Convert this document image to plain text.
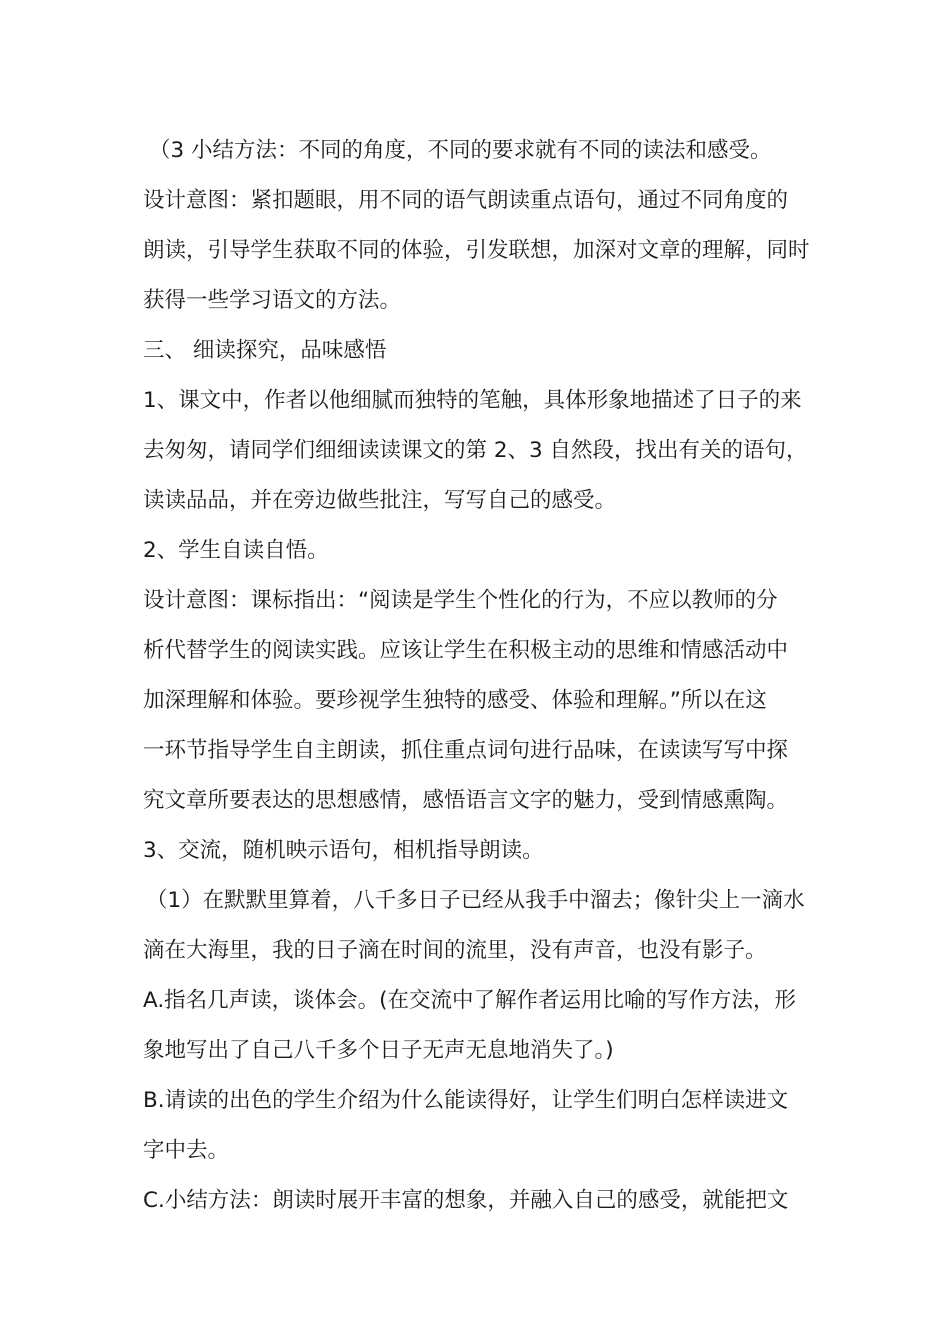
（3 小结方法：不同的角度，不同的要求就有不同的读法和感受。
设计意图：紧扣题眼，用不同的语气朗读重点语句，通过不同角度的
朗读，引导学生获取不同的体验，引发联想，加深对文章的理解，同时
获得一些学习语文的方法。
三、 细读探究，品味感悟
1、课文中，作者以他细腻而独特的笔触，具体形象地描述了日子的来
去匆匆，请同学们细细读读课文的第 2、3 自然段，找出有关的语句，
读读品品，并在旁边做些批注，写写自己的感受。
2、学生自读自悟。
设计意图：课标指出：“阅读是学生个性化的行为，不应以教师的分
析代替学生的阅读实践。应该让学生在积极主动的思维和情感活动中
加深理解和体验。要珍视学生独特的感受、体验和理解。”所以在这
一环节指导学生自主朗读，抓住重点词句进行品味，在读读写写中探
究文章所要表达的思想感情，感悟语言文字的魅力，受到情感熏陶。
3、交流，随机映示语句，相机指导朗读。
（1）在默默里算着，八千多日子已经从我手中溜去；像针尖上一滴水
滴在大海里，我的日子滴在时间的流里，没有声音，也没有影子。
A.指名几声读，谈体会。(在交流中了解作者运用比喻的写作方法，形
象地写出了自己八千多个日子无声无息地消失了。)
B.请读的出色的学生介绍为什么能读得好，让学生们明白怎样读进文
字中去。
C.小结方法：朗读时展开丰富的想象，并融入自己的感受，就能把文
